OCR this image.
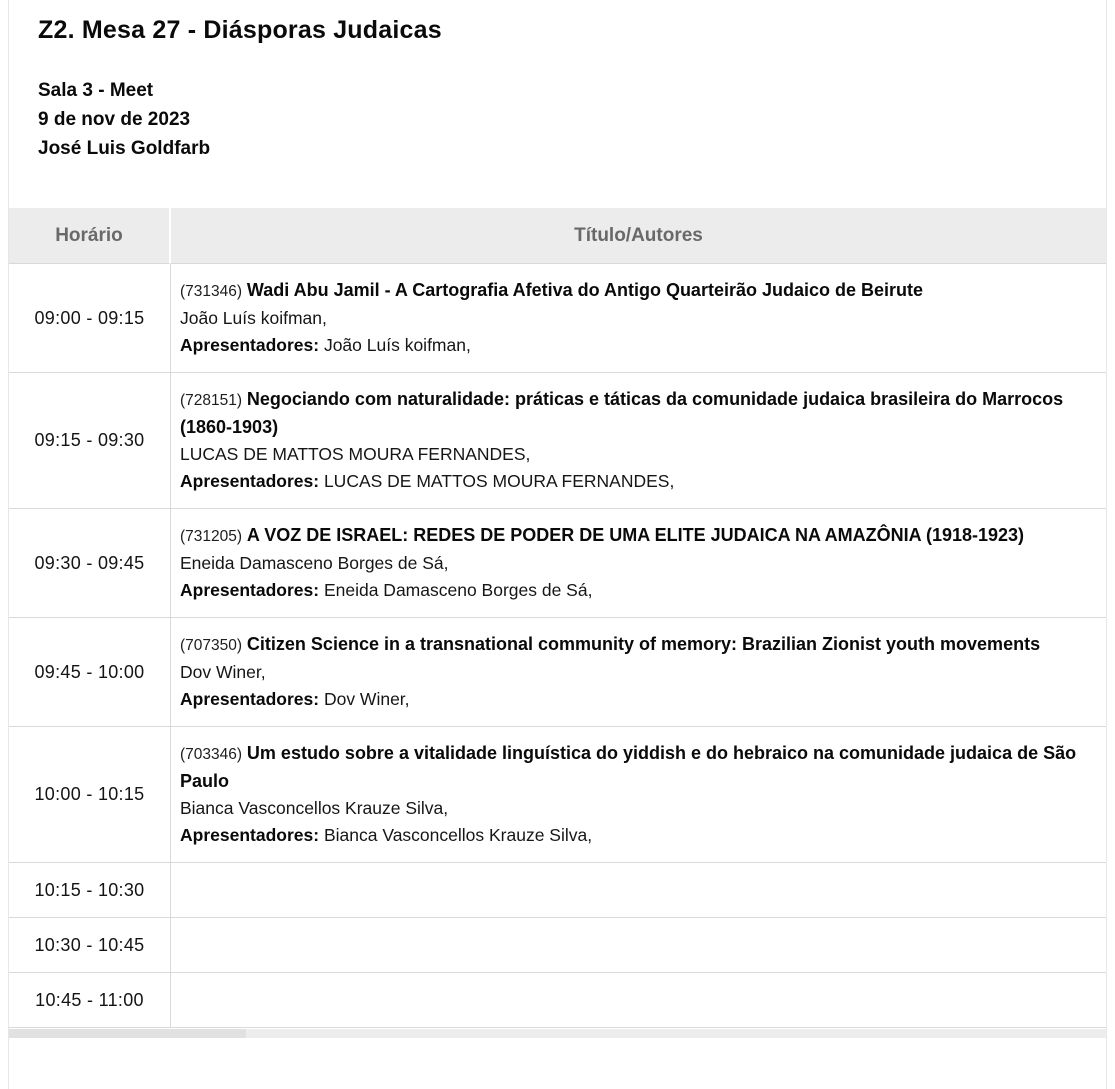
Z2. Mesa 27 - Diásporas Judaicas
Sala 3 - Meet
9 de nov de 2023
José Luis Goldfarb
Horário	Título/Autores
09:00 - 09:15	(731346) Wadi Abu Jamil - A Cartografia Afetiva do Antigo Quarteirão Judaico de Beirute

João Luís koifman,

Apresentadores: João Luís koifman,

09:15 - 09:30	(728151) Negociando com naturalidade: práticas e táticas da comunidade judaica brasileira do Marrocos (1860-1903)

LUCAS DE MATTOS MOURA FERNANDES,

Apresentadores: LUCAS DE MATTOS MOURA FERNANDES,

09:30 - 09:45	(731205) A VOZ DE ISRAEL: REDES DE PODER DE UMA ELITE JUDAICA NA AMAZÔNIA (1918-1923)

Eneida Damasceno Borges de Sá,

Apresentadores: Eneida Damasceno Borges de Sá,

09:45 - 10:00	(707350) Citizen Science in a transnational community of memory: Brazilian Zionist youth movements

Dov Winer,

Apresentadores: Dov Winer,

10:00 - 10:15	(703346) Um estudo sobre a vitalidade linguística do yiddish e do hebraico na comunidade judaica de São Paulo

Bianca Vasconcellos Krauze Silva,

Apresentadores: Bianca Vasconcellos Krauze Silva,

10:15 - 10:30	
10:30 - 10:45	
10:45 - 11:00	
